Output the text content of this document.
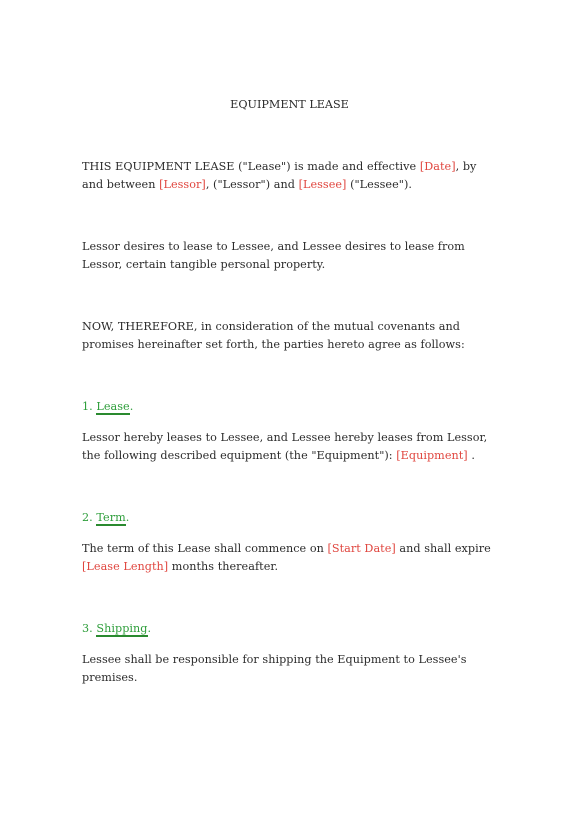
EQUIPMENT LEASE
THIS EQUIPMENT LEASE ("Lease") is made and effective [Date], by
and between [Lessor], ("Lessor") and [Lessee] ("Lessee").
Lessor desires to lease to Lessee, and Lessee desires to lease from
Lessor, certain tangible personal property.
NOW, THEREFORE, in consideration of the mutual covenants and
promises hereinafter set forth, the parties hereto agree as follows:
1. Lease.
Lessor hereby leases to Lessee, and Lessee hereby leases from Lessor,
the following described equipment (the "Equipment"): [Equipment] .
2. Term.
The term of this Lease shall commence on [Start Date] and shall expire
[Lease Length] months thereafter.
3. Shipping.
Lessee shall be responsible for shipping the Equipment to Lessee's
premises.
